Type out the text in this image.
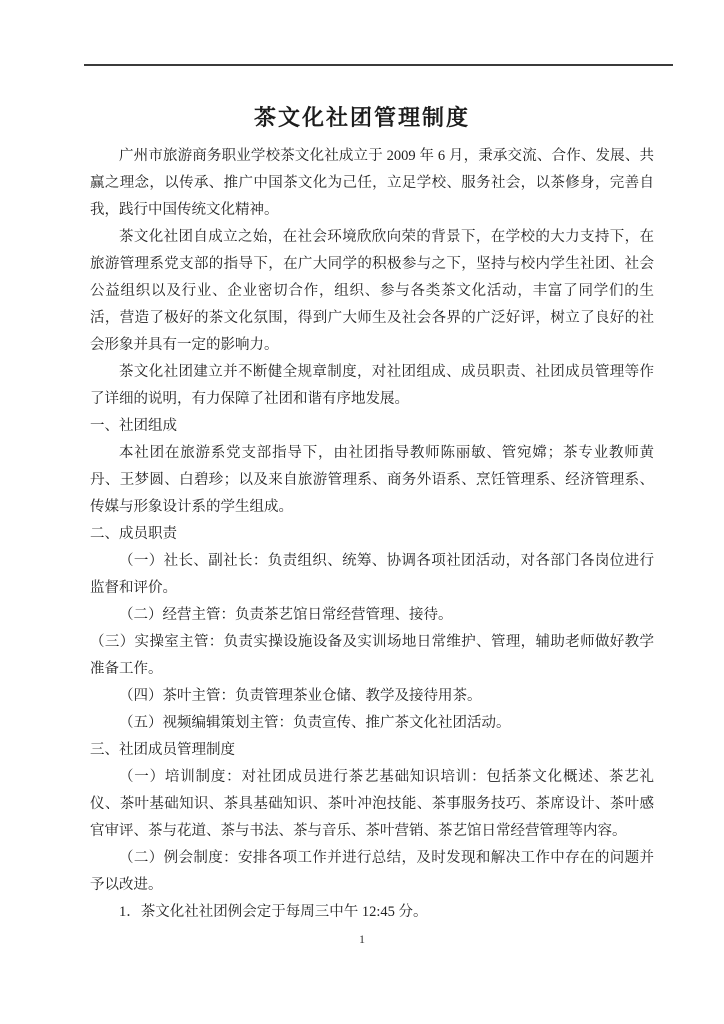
茶文化社团管理制度

广州市旅游商务职业学校茶文化社成立于 2009 年 6 月，秉承交流、合作、发展、共赢之理念，以传承、推广中国茶文化为己任，立足学校、服务社会，以茶修身，完善自我，践行中国传统文化精神。

茶文化社团自成立之始，在社会环境欣欣向荣的背景下，在学校的大力支持下，在旅游管理系党支部的指导下，在广大同学的积极参与之下，坚持与校内学生社团、社会公益组织以及行业、企业密切合作，组织、参与各类茶文化活动，丰富了同学们的生活，营造了极好的茶文化氛围，得到广大师生及社会各界的广泛好评，树立了良好的社会形象并具有一定的影响力。

茶文化社团建立并不断健全规章制度，对社团组成、成员职责、社团成员管理等作了详细的说明，有力保障了社团和谐有序地发展。

一、社团组成

本社团在旅游系党支部指导下，由社团指导教师陈丽敏、管宛嫦；茶专业教师黄丹、王梦圆、白碧珍；以及来自旅游管理系、商务外语系、烹饪管理系、经济管理系、传媒与形象设计系的学生组成。

二、成员职责

（一）社长、副社长：负责组织、统筹、协调各项社团活动，对各部门各岗位进行监督和评价。

（二）经营主管：负责茶艺馆日常经营管理、接待。

（三）实操室主管：负责实操设施设备及实训场地日常维护、管理，辅助老师做好教学准备工作。

（四）茶叶主管：负责管理茶业仓储、教学及接待用茶。

（五）视频编辑策划主管：负责宣传、推广茶文化社团活动。

三、社团成员管理制度

（一）培训制度：对社团成员进行茶艺基础知识培训：包括茶文化概述、茶艺礼仪、茶叶基础知识、茶具基础知识、茶叶冲泡技能、茶事服务技巧、茶席设计、茶叶感官审评、茶与花道、茶与书法、茶与音乐、茶叶营销、茶艺馆日常经营管理等内容。

（二）例会制度：安排各项工作并进行总结，及时发现和解决工作中存在的问题并予以改进。

1．茶文化社社团例会定于每周三中午 12:45 分。

1
